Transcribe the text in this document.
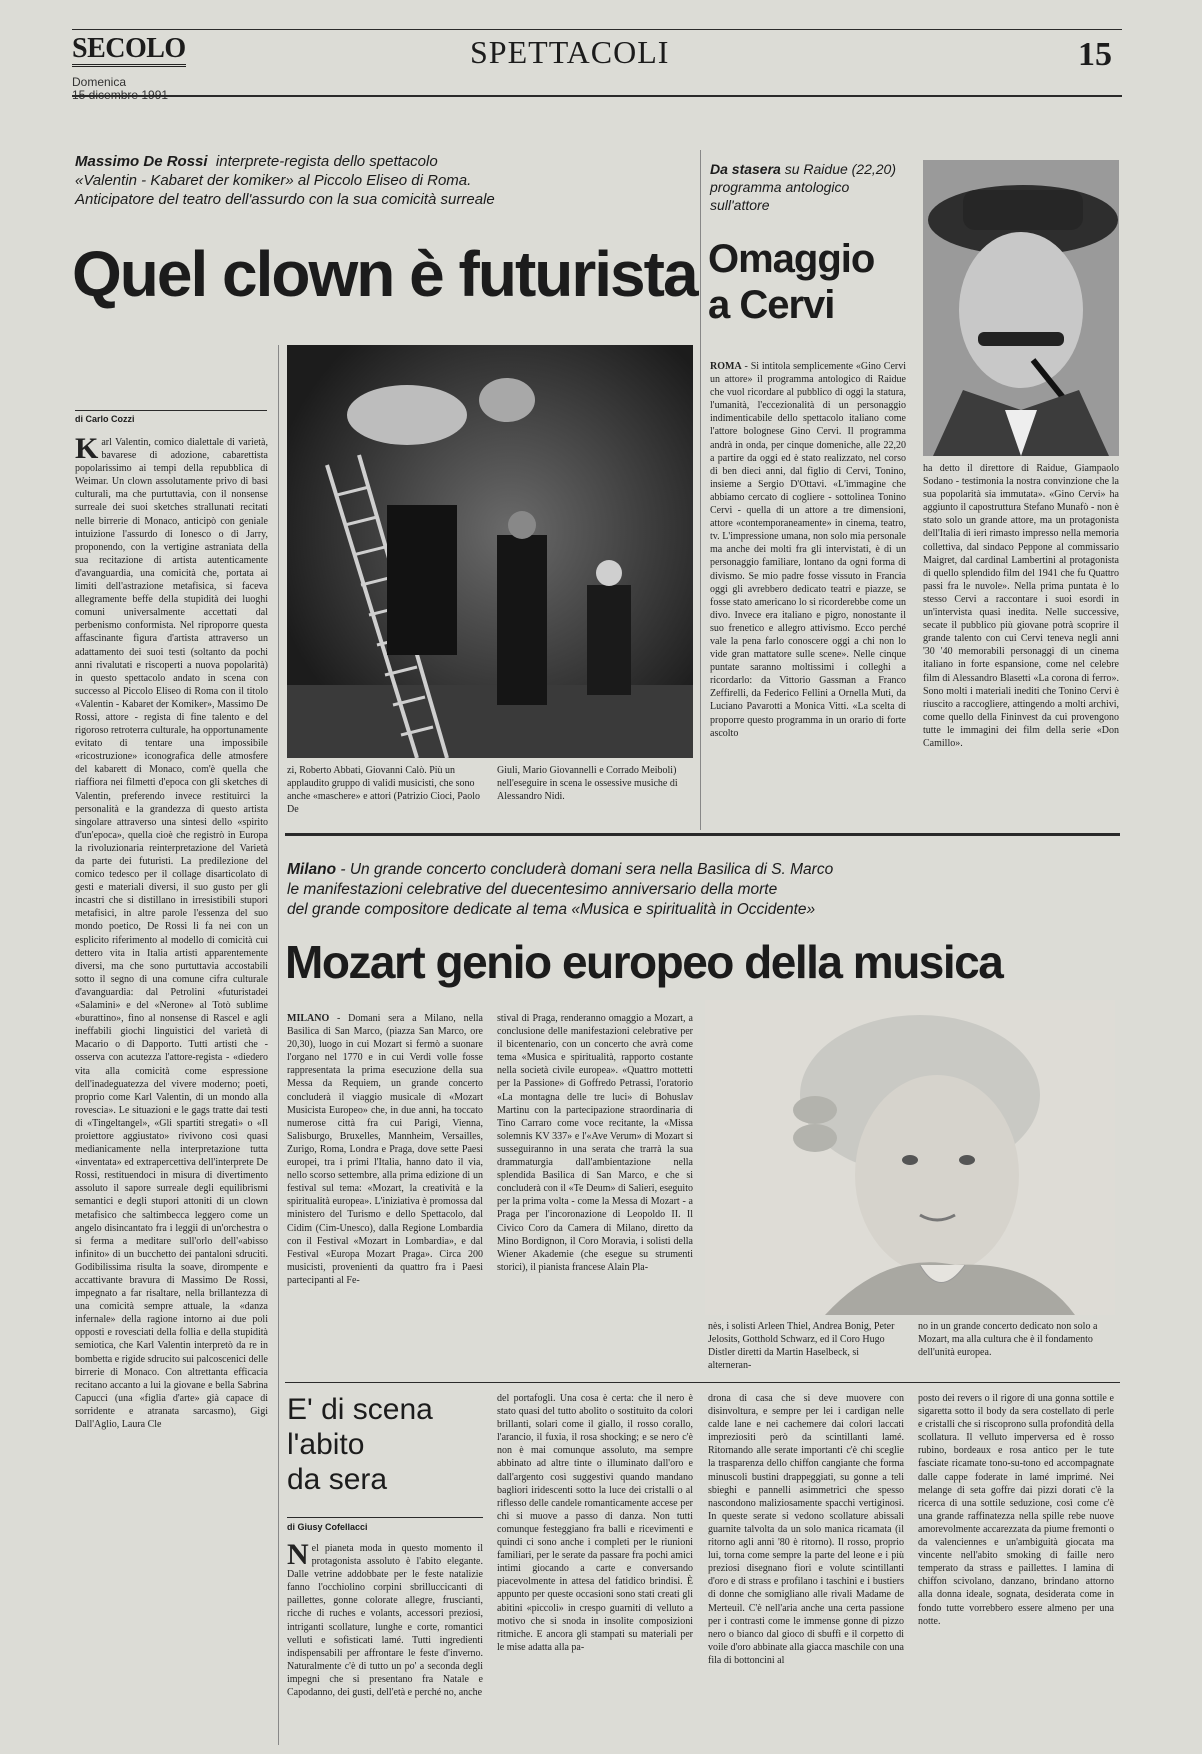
SECOLO
Domenica
SPETTACOLI	15
Massimo De Rossi interprete-regista dello spettacolo
«Valentin - Kabaret der komiker» al Piccolo Eliseo di Roma.
Anticipatore del teatro dell'assurdo con la sua comicità surreale
Quel clown è futurista
di Carlo Cozzi
Karl Valentin, comico dialettale di varietà, bavarese di adozione, cabarettista popolarissimo ai tempi della repubblica di Weimar. Un clown assolutamente privo di basi culturali, ma che purtuttavia, con il nonsense surreale dei suoi sketches strallunati recitati nelle birrerie di Monaco, anticipò con geniale intuizione l'assurdo di Ionesco o di Jarry, proponendo, con la vertigine astraniata della sua recitazione di artista autenticamente d'avanguardia, una comicità che, portata ai limiti dell'astrazione metafisica, si faceva allegramente beffe della stupidità dei luoghi comuni universalmente accettati dal perbenismo conformista. Nel riproporre questa affascinante figura d'artista attraverso un adattamento dei suoi testi (soltanto da pochi anni rivalutati e riscoperti a nuova popolarità) in questo spettacolo andato in scena con successo al Piccolo Eliseo di Roma con il titolo «Valentin - Kabaret der Komiker», Massimo De Rossi, attore - regista di fine talento e del rigoroso retroterra culturale, ha opportunamente evitato di tentare una impossibile «ricostruzione» iconografica delle atmosfere del kabarett di Monaco, com'è quella che riaffiora nei filmetti d'epoca con gli sketches di Valentin, preferendo invece restituirci la personalità e la grandezza di questo artista singolare attraverso una sintesi dello «spirito d'un'epoca», quella cioè che registrò in Europa la rivoluzionaria reinterpretazione del Varietà da parte dei futuristi. La predilezione del comico tedesco per il collage disarticolato di gesti e materiali diversi, il suo gusto per gli incastri che si distillano in irresistibili stupori metafisici, in altre parole l'essenza del suo mondo poetico, De Rossi li fa nei con un esplicito riferimento al modello di comicità cui dettero vita in Italia artisti apparentemente diversi, ma che sono purtuttavia accostabili sotto il segno di una comune cifra culturale d'avanguardia: dal Petrolini «futuristadei «Salamini» e del «Nerone» al Totò sublime «burattino», fino al nonsense di Rascel e agli ineffabili giochi linguistici del varietà di Macario o di Dapporto. Tutti artisti che - osserva con acutezza l'attore-regista - «diedero vita alla comicità come espressione dell'inadeguatezza del vivere moderno; poeti, proprio come Karl Valentin, di un mondo alla rovescia». Le situazioni e le gags tratte dai testi di «Tingeltangel», «Gli spartiti stregati» o «Il proiettore aggiustato» rivivono così quasi medianicamente nella interpretazione tutta «inventata» ed extrapercettiva dell'interprete De Rossi, restituendoci in misura di divertimento assoluto il sapore surreale degli equilibrismi semantici e degli stupori attoniti di un clown metafisico che saltimbecca leggero come un angelo disincantato fra i leggii di un'orchestra o si ferma a meditare sull'orlo dell'«abisso infinito» di un bucchetto dei pantaloni sdruciti. Godibilissima risulta la soave, dirompente e accattivante bravura di Massimo De Rossi, impegnato a far risaltare, nella brillantezza di una comicità sempre attuale, la «danza infernale» della ragione intorno ai due poli opposti e rovesciati della follia e della stupidità semiotica, che Karl Valentin interpretò da re in bombetta e rigide sdrucito sui palcoscenici delle birrerie di Monaco. Con altrettanta efficacia recitano accanto a lui la giovane e bella Sabrina Capucci (una «figlia d'arte» già capace di sorridente e atranata sarcasmo), Gigi Dall'Aglio, Laura Cle
zi, Roberto Abbati, Giovanni Calò. Più un applaudito gruppo di validi musicisti, che sono anche «maschere» e attori (Patrizio Cioci, Paolo De
Giuli, Mario Giovannelli e Corrado Meiboli) nell'eseguire in scena le ossessive musiche di Alessandro Nidi.
Da stasera su Raidue (22,20) programma antologico sull'attore
Omaggio
a Cervi
ROMA - Si intitola semplicemente «Gino Cervi un attore» il programma antologico di Raidue che vuol ricordare al pubblico di oggi la statura, l'umanità, l'eccezionalità di un personaggio indimenticabile dello spettacolo italiano come l'attore bolognese Gino Cervi. Il programma andrà in onda, per cinque domeniche, alle 22,20 a partire da oggi ed è stato realizzato, nel corso di ben dieci anni, dal figlio di Cervi, Tonino, insieme a Sergio D'Ottavi. «L'immagine che abbiamo cercato di cogliere - sottolinea Tonino Cervi - quella di un attore a tre dimensioni, attore «contemporaneamente» in cinema, teatro, tv. L'impressione umana, non solo mia personale ma anche dei molti fra gli intervistati, è di un personaggio familiare, lontano da ogni forma di divismo. Se mio padre fosse vissuto in Francia oggi gli avrebbero dedicato teatri e piazze, se fosse stato americano lo si ricorderebbe come un divo. Invece era italiano e pigro, nonostante il suo frenetico e allegro attivismo. Ecco perché vale la pena farlo conoscere oggi a chi non lo vide gran mattatore sulle scene». Nelle cinque puntate saranno moltissimi i colleghi a ricordarlo: da Vittorio Gassman a Franco Zeffirelli, da Federico Fellini a Ornella Muti, da Luciano Pavarotti a Monica Vitti. «La scelta di proporre questo programma in un orario di forte ascolto
ha detto il direttore di Raidue, Giampaolo Sodano - testimonia la nostra convinzione che la sua popolarità sia immutata». «Gino Cervi» ha aggiunto il capostruttura Stefano Munafò - non è stato solo un grande attore, ma un protagonista dell'Italia di ieri rimasto impresso nella memoria collettiva, dal sindaco Peppone al commissario Maigret, dal cardinal Lambertini al protagonista di quello splendido film del 1941 che fu Quattro passi fra le nuvole». Nella prima puntata è lo stesso Cervi a raccontare i suoi esordi in un'intervista quasi inedita. Nelle successive, secate il pubblico più giovane potrà scoprire il grande talento con cui Cervi teneva negli anni '30 '40 memorabili personaggi di un cinema italiano in forte espansione, come nel celebre film di Alessandro Blasetti «La corona di ferro». Sono molti i materiali inediti che Tonino Cervi è riuscito a raccogliere, attingendo a molti archivi, come quello della Fininvest da cui provengono tutte le immagini dei film della serie «Don Camillo».
Milano - Un grande concerto concluderà domani sera nella Basilica di S. Marco
le manifestazioni celebrative del duecentesimo anniversario della morte
del grande compositore dedicate al tema «Musica e spiritualità in Occidente»
Mozart genio europeo della musica
MILANO - Domani sera a Milano, nella Basilica di San Marco, (piazza San Marco, ore 20,30), luogo in cui Mozart si fermò a suonare l'organo nel 1770 e in cui Verdi volle fosse rappresentata la prima esecuzione della sua Messa da Requiem, un grande concerto concluderà il viaggio musicale di «Mozart Musicista Europeo» che, in due anni, ha toccato numerose città fra cui Parigi, Vienna, Salisburgo, Bruxelles, Mannheim, Versailles, Zurigo, Roma, Londra e Praga, dove sette Paesi europei, tra i primi l'Italia, hanno dato il via, nello scorso settembre, alla prima edizione di un festival sul tema: «Mozart, la creatività e la spiritualità europea». L'iniziativa è promossa dal ministero del Turismo e dello Spettacolo, dal Cidim (Cim-Unesco), dalla Regione Lombardia con il Festival «Mozart in Lombardia», e dal Festival «Europa Mozart Praga». Circa 200 musicisti, provenienti da quattro fra i Paesi partecipanti al Fe-
stival di Praga, renderanno omaggio a Mozart, a conclusione delle manifestazioni celebrative per il bicentenario, con un concerto che avrà come tema «Musica e spiritualità, rapporto costante nella società civile europea». «Quattro mottetti per la Passione» di Goffredo Petrassi, l'oratorio «La montagna delle tre luci» di Bohuslav Martinu con la partecipazione straordinaria di Tino Carraro come voce recitante, la «Missa solemnis KV 337» e l'«Ave Verum» di Mozart si susseguiranno in una serata che trarrà la sua drammaturgia dall'ambientazione nella splendida Basilica di San Marco, e che si concluderà con il «Te Deum» di Salieri, eseguito per la prima volta - come la Messa di Mozart - a Praga per l'incoronazione di Leopoldo II. Il Civico Coro da Camera di Milano, diretto da Mino Bordignon, il Coro Moravia, i solisti della Wiener Akademie (che esegue su strumenti storici), il pianista francese Alain Pla-
nès, i solisti Arleen Thiel, Andrea Bonig, Peter Jelosits, Gotthold Schwarz, ed il Coro Hugo Distler diretti da Martin Haselbeck, si alterneran-
no in un grande concerto dedicato non solo a Mozart, ma alla cultura che è il fondamento dell'unità europea.
E' di scena
l'abito
da sera
di Giusy Cofellacci
Nel pianeta moda in questo momento il protagonista assoluto è l'abito elegante. Dalle vetrine addobbate per le feste natalizie fanno l'occhiolino corpini sbrilluccicanti di paillettes, gonne colorate allegre, fruscianti, ricche di ruches e volants, accessori preziosi, intriganti scollature, lunghe e corte, romantici velluti e sofisticati lamé. Tutti ingredienti indispensabili per affrontare le feste d'inverno. Naturalmente c'è di tutto un po' a seconda degli impegni che si presentano fra Natale e Capodanno, dei gusti, dell'età e perché no, anche
del portafogli. Una cosa è certa: che il nero è stato quasi del tutto abolito o sostituito da colori brillanti, solari come il giallo, il rosso corallo, l'arancio, il fuxia, il rosa shocking; e se nero c'è non è mai comunque assoluto, ma sempre abbinato ad altre tinte o illuminato dall'oro e dall'argento così suggestivi quando mandano bagliori iridescenti sotto la luce dei cristalli o al riflesso delle candele romanticamente accese per chi si muove a passo di danza. Non tutti comunque festeggiano fra balli e ricevimenti e quindi ci sono anche i completi per le riunioni familiari, per le serate da passare fra pochi amici intimi giocando a carte e conversando piacevolmente in attesa del fatidico brindisi. È appunto per queste occasioni sono stati creati gli abitini «piccoli» in crespo guarniti di velluto a motivo che si snoda in insolite composizioni ritmiche. E ancora gli stampati su materiali per le mise adatta alla pa-
drona di casa che si deve muovere con disinvoltura, e sempre per lei i cardigan nelle calde lane e nei cachemere dai colori laccati impreziositi però da scintillanti lamé. Ritornando alle serate importanti c'è chi sceglie la trasparenza dello chiffon cangiante che forma minuscoli bustini drappeggiati, su gonne a teli sbieghi e pannelli asimmetrici che spesso nascondono maliziosamente spacchi vertiginosi. In queste serate si vedono scollature abissali guarnite talvolta da un solo manica ricamata (il ritorno agli anni '80 è ritorno). Il rosso, proprio lui, torna come sempre la parte del leone e i più preziosi disegnano fiori e volute scintillanti d'oro e di strass e profilano i taschini e i bustiers di donne che somigliano alle rivali Madame de Merteuil. C'è nell'aria anche una certa passione per i contrasti come le immense gonne di pizzo nero o bianco dal gioco di sbuffi e il corpetto di voile d'oro abbinate alla giacca maschile con una fila di bottoncini al
posto dei revers o il rigore di una gonna sottile e sigaretta sotto il body da sera costellato di perle e cristalli che si riscoprono sulla profondità della scollatura. Il velluto imperversa ed è rosso rubino, bordeaux e rosa antico per le tute fasciate ricamate tono-su-tono ed accompagnate dalle cappe foderate in lamé imprimé. Nei melange di seta goffre dai pizzi dorati c'è la ricerca di una sottile seduzione, così come c'è una grande raffinatezza nella spille rebe nuove amorevolmente accarezzata da piume fremonti o da valenciennes e un'ambiguità giocata ma vincente nell'abito smoking di faille nero temperato da strass e paillettes. I lamina di chiffon scivolano, danzano, brindano attorno alla donna ideale, sognata, desiderata come in fondo tutte vorrebbero essere almeno per una notte.
